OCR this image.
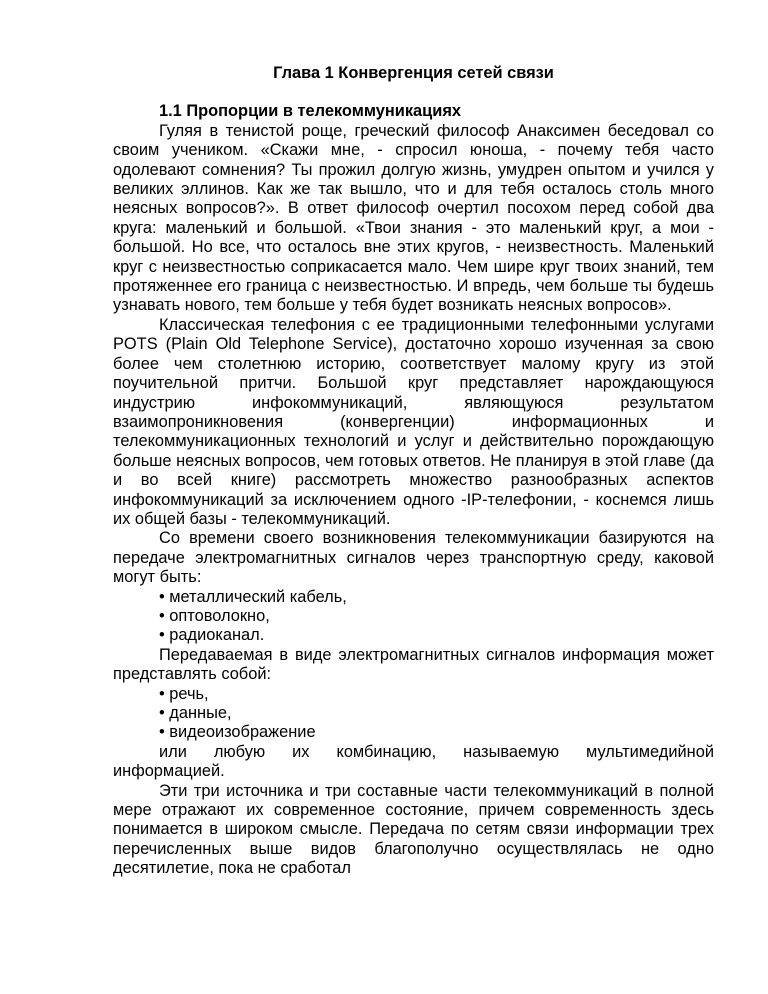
Глава 1 Конвергенция сетей связи

1.1 Пропорции в телекоммуникациях

Гуляя в тенистой роще, греческий философ Анаксимен беседовал со своим учеником. «Скажи мне, - спросил юноша, - почему тебя часто одолевают сомнения? Ты прожил долгую жизнь, умудрен опытом и учился у великих эллинов. Как же так вышло, что и для тебя осталось столь много неясных вопросов?». В ответ философ очертил посохом перед собой два круга: маленький и большой. «Твои знания - это маленький круг, а мои - большой. Но все, что осталось вне этих кругов, - неизвестность. Маленький круг с неизвестностью соприкасается мало. Чем шире круг твоих знаний, тем протяженнее его граница с неизвестностью. И впредь, чем больше ты будешь узнавать нового, тем больше у тебя будет возникать неясных вопросов».

Классическая телефония с ее традиционными телефонными услугами POTS (Plain Old Telephone Service), достаточно хорошо изученная за свою более чем столетнюю историю, соответствует малому кругу из этой поучительной притчи. Большой круг представляет нарождающуюся индустрию инфокоммуникаций, являющуюся результатом взаимопроникновения (конвергенции) информационных и телекоммуникационных технологий и услуг и действительно порождающую больше неясных вопросов, чем готовых ответов. Не планируя в этой главе (да и во всей книге) рассмотреть множество разнообразных аспектов инфокоммуникаций за исключением одного -IP-телефонии, - коснемся лишь их общей базы - телекоммуникаций.

Со времени своего возникновения телекоммуникации базируются на передаче электромагнитных сигналов через транспортную среду, каковой могут быть:

• металлический кабель,

• оптоволокно,

• радиоканал.

Передаваемая в виде электромагнитных сигналов информация может представлять собой:

• речь,

• данные,

• видеоизображение

или любую их комбинацию, называемую мультимедийной информацией.

Эти три источника и три составные части телекоммуникаций в полной мере отражают их современное состояние, причем современность здесь понимается в широком смысле. Передача по сетям связи информации трех перечисленных выше видов благополучно осуществлялась не одно десятилетие, пока не сработал
